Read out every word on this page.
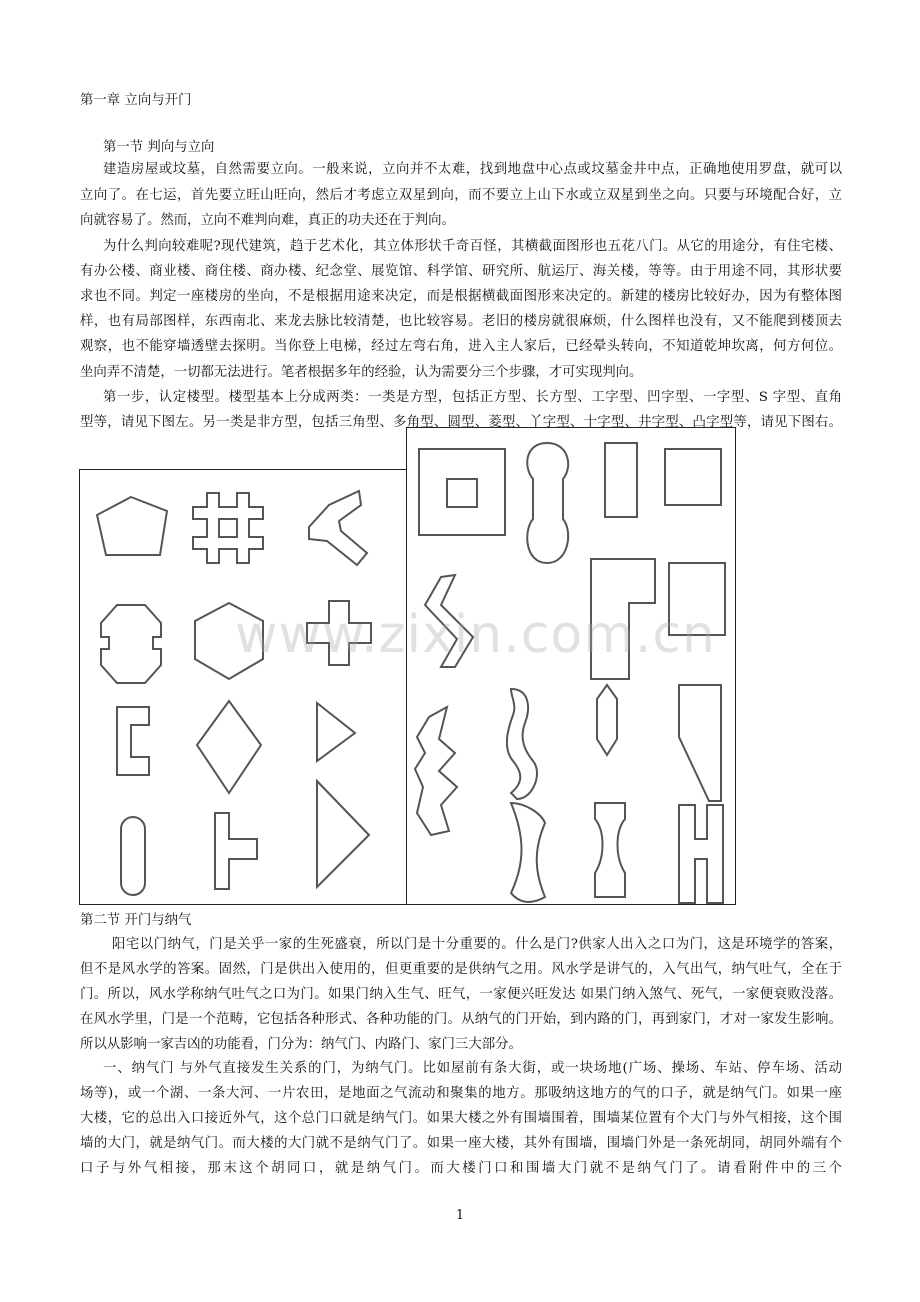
第一章 立向与开门
第一节 判向与立向
建造房屋或坟墓，自然需要立向。一般来说，立向并不太难，找到地盘中心点或坟墓金井中点，正确地使用罗盘，就可以
立向了。在七运，首先要立旺山旺向，然后才考虑立双星到向，而不要立上山下水或立双星到坐之向。只要与环境配合好，立
向就容易了。然而，立向不难判向难，真正的功夫还在于判向。
为什么判向较难呢?现代建筑，趋于艺术化，其立体形状千奇百怪，其横截面图形也五花八门。从它的用途分，有住宅楼、
有办公楼、商业楼、商住楼、商办楼、纪念堂、展览馆、科学馆、研究所、航运厅、海关楼，等等。由于用途不同，其形状要
求也不同。判定一座楼房的坐向，不是根据用途来决定，而是根据横截面图形来决定的。新建的楼房比较好办，因为有整体图
样，也有局部图样，东西南北、来龙去脉比较清楚，也比较容易。老旧的楼房就很麻烦，什么图样也没有，又不能爬到楼顶去
观察，也不能穿墙透壁去探明。当你登上电梯，经过左弯右角，进入主人家后，已经晕头转向，不知道乾坤坎离，何方何位。
坐向弄不清楚，一切都无法进行。笔者根据多年的经验，认为需要分三个步骤，才可实现判向。
第一步，认定楼型。楼型基本上分成两类：一类是方型，包括正方型、长方型、工字型、凹字型、一字型、S 字型、直角
型等，请见下图左。另一类是非方型，包括三角型、多角型、圆型、菱型、丫字型、十字型、井字型、凸字型等，请见下图右。
www.zixin.com.cn
第二节 开门与纳气
阳宅以门纳气，门是关乎一家的生死盛衰，所以门是十分重要的。什么是门?供家人出入之口为门，这是环境学的答案，
但不是风水学的答案。固然，门是供出入使用的，但更重要的是供纳气之用。风水学是讲气的，入气出气，纳气吐气，全在于
门。所以，风水学称纳气吐气之口为门。如果门纳入生气、旺气，一家便兴旺发达 如果门纳入煞气、死气，一家便衰败没落。
在风水学里，门是一个范畴，它包括各种形式、各种功能的门。从纳气的门开始，到内路的门，再到家门，才对一家发生影响。
所以从影响一家吉凶的功能看，门分为：纳气门、内路门、家门三大部分。
一、纳气门 与外气直接发生关系的门，为纳气门。比如屋前有条大街，或一块场地(广场、操场、车站、停车场、活动
场等)，或一个湖、一条大河、一片农田，是地面之气流动和聚集的地方。那吸纳这地方的气的口子，就是纳气门。如果一座
大楼，它的总出入口接近外气，这个总门口就是纳气门。如果大楼之外有围墙围着，围墙某位置有个大门与外气相接，这个围
墙的大门，就是纳气门。而大楼的大门就不是纳气门了。如果一座大楼，其外有围墙，围墙门外是一条死胡同，胡同外端有个
口子与外气相接，那末这个胡同口，就是纳气门。而大楼门口和围墙大门就不是纳气门了。请看附件中的三个
1
